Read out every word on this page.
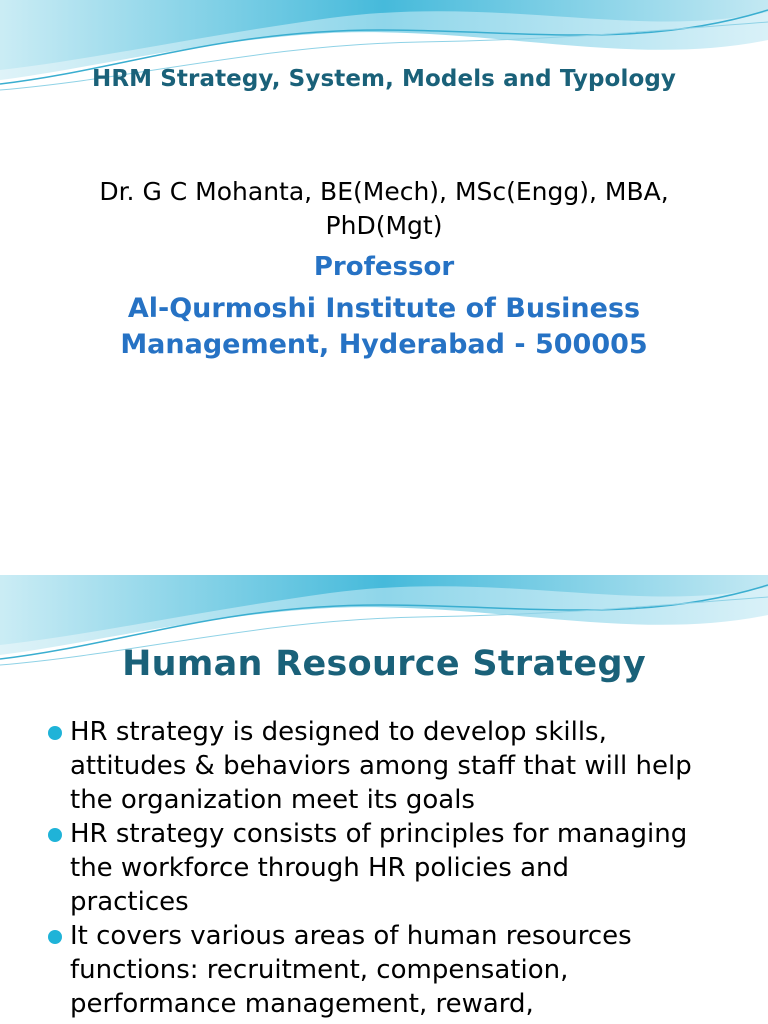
HRM Strategy, System, Models and Typology
Dr. G C Mohanta, BE(Mech), MSc(Engg), MBA,
PhD(Mgt)
Professor
Al-Qurmoshi Institute of Business
Management, Hyderabad - 500005
Human Resource Strategy
HR strategy is designed to develop skills,
attitudes & behaviors among staff that will help
the organization meet its goals
HR strategy consists of principles for managing
the workforce through HR policies and
practices
It covers various areas of human resources
functions: recruitment, compensation,
performance management, reward,
